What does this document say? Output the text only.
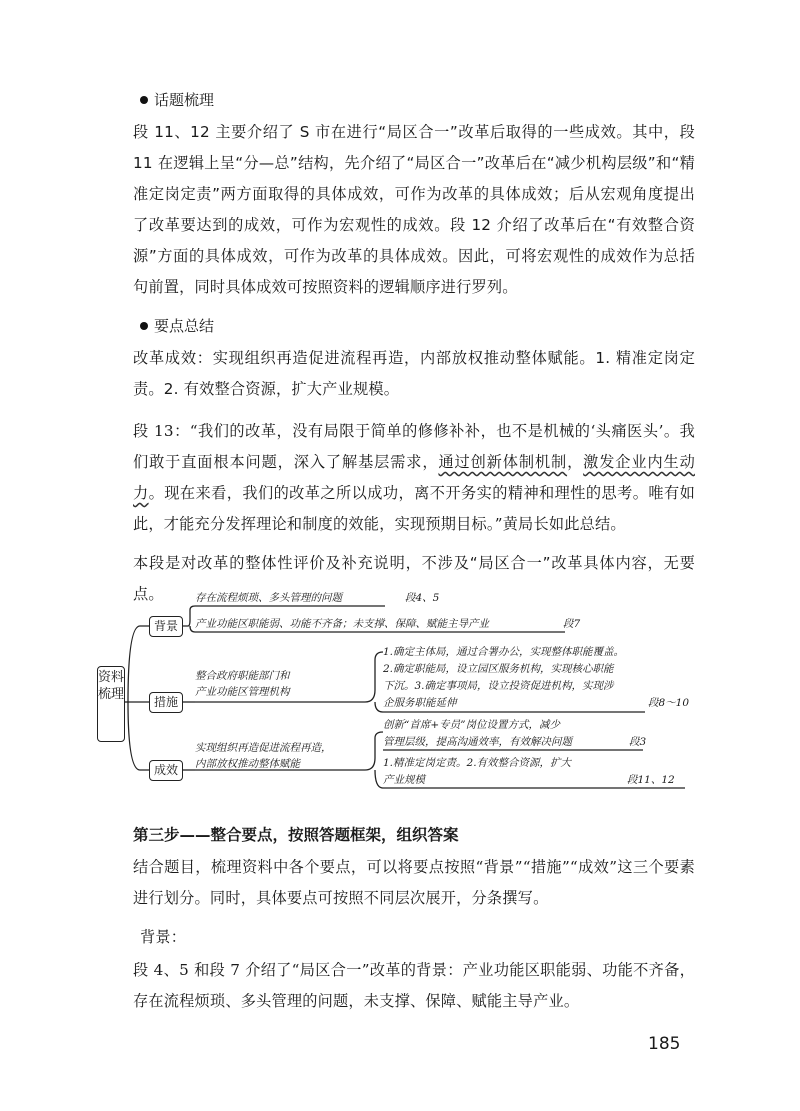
话题梳理

段 11、12 主要介绍了 S 市在进行“局区合一”改革后取得的一些成效。其中，段 11 在逻辑上呈“分—总”结构，先介绍了“局区合一”改革后在“减少机构层级”和“精准定岗定责”两方面取得的具体成效，可作为改革的具体成效；后从宏观角度提出了改革要达到的成效，可作为宏观性的成效。段 12 介绍了改革后在“有效整合资源”方面的具体成效，可作为改革的具体成效。因此，可将宏观性的成效作为总括句前置，同时具体成效可按照资料的逻辑顺序进行罗列。

要点总结

改革成效：实现组织再造促进流程再造，内部放权推动整体赋能。1. 精准定岗定责。2. 有效整合资源，扩大产业规模。

段 13：“我们的改革，没有局限于简单的修修补补，也不是机械的‘头痛医头’。我们敢于直面根本问题，深入了解基层需求，通过创新体制机制，激发企业内生动力。现在来看，我们的改革之所以成功，离不开务实的精神和理性的思考。唯有如此，才能充分发挥理论和制度的效能，实现预期目标。”黄局长如此总结。

本段是对改革的整体性评价及补充说明，不涉及“局区合一”改革具体内容，无要点。

资料梳理
背景
存在流程烦琐、多头管理的问题	段4、5
产业功能区职能弱、功能不齐备；未支撑、保障、赋能主导产业	段7
措施
整合政府职能部门和
产业功能区管理机构
1.确定主体局，通过合署办公，实现整体职能覆盖。
2.确定职能局，设立园区服务机构，实现核心职能
下沉。3.确定事项局，设立投资促进机构，实现涉
企服务职能延伸	段8～10
成效
实现组织再造促进流程再造，
内部放权推动整体赋能
创新“首席+专员”岗位设置方式，减少
管理层级，提高沟通效率，有效解决问题	段3
1.精准定岗定责。2.有效整合资源，扩大
产业规模	段11、12

第三步——整合要点，按照答题框架，组织答案

结合题目，梳理资料中各个要点，可以将要点按照“背景”“措施”“成效”这三个要素进行划分。同时，具体要点可按照不同层次展开，分条撰写。

背景：

段 4、5 和段 7 介绍了“局区合一”改革的背景：产业功能区职能弱、功能不齐备，存在流程烦琐、多头管理的问题，未支撑、保障、赋能主导产业。

185
